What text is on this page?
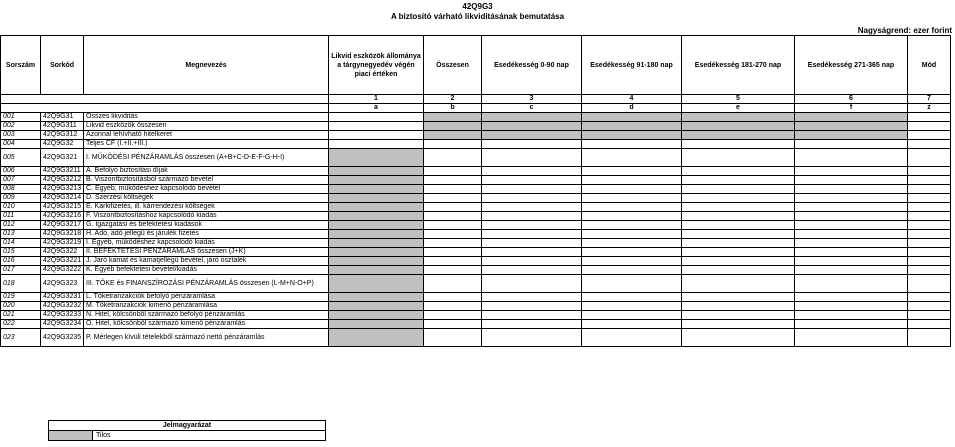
42Q9G3
A biztosító várható likviditásának bemutatása
Nagyságrend: ezer forint
Sorszám	Sorkód	Megnevezés	Likvid eszközök állománya a tárgynegyedév végén piaci értéken	Összesen	Esedékesség 0-90 nap	Esedékesség 91-180 nap	Esedékesség 181-270 nap	Esedékesség 271-365 nap	Mód
			1	2	3	4	5	6	7
			a	b	c	d	e	f	z
001	42Q9G31	Összes likviditás							
002	42Q9G311	Likvid eszközök összesen							
003	42Q9G312	Azonnal lehívható hitelkeret							
004	42Q9G32	Teljes CF (I.+II.+III.)							
005	42Q9G321	I. MŰKÖDÉSI PÉNZÁRAMLÁS összesen (A+B+C-D-E-F-G-H-I)							
006	42Q9G3211	A. Befolyó biztosítási díjak							
007	42Q9G3212	B. Viszontbiztosításból származó bevétel							
008	42Q9G3213	C. Egyéb, működéshez kapcsolódó bevétel							
009	42Q9G3214	D. Szerzési költségek							
010	42Q9G3215	E. Kárkifizetés, ill. kárrendezési költségek							
011	42Q9G3216	F. Viszontbiztosításhoz kapcsolódó kiadás							
012	42Q9G3217	G. Igazgatási és befektetési kiadások							
013	42Q9G3218	H. Adó, adó jellegű és járulék fizetés							
014	42Q9G3219	I. Egyéb, működéshez kapcsolódó kiadás							
015	42Q9G322	II. BEFEKTETÉSI PÉNZÁRAMLÁS összesen (J+K)							
016	42Q9G3221	J. Járó kamat és kamatjellegű bevétel, járó osztalék							
017	42Q9G3222	K. Egyéb befektetési bevétel/kiadás							
018	42Q9G323	III. TŐKE és FINANSZÍROZÁSI PÉNZÁRAMLÁS összesen (L-M+N-O+P)							
019	42Q9G3231	L. Tőketranzakciók befolyó pénzáramlása							
020	42Q9G3232	M. Tőketranzakciók kimenő pénzáramlása							
021	42Q9G3233	N. Hitel, kölcsönből származó befolyó pénzáramlás							
022	42Q9G3234	O. Hitel, kölcsönből származó kimenő pénzáramlás							
023	42Q9G3235	P. Mérlegen kívüli tételekből származó nettó pénzáramlás							
Jelmagyarázat
	Tilos
